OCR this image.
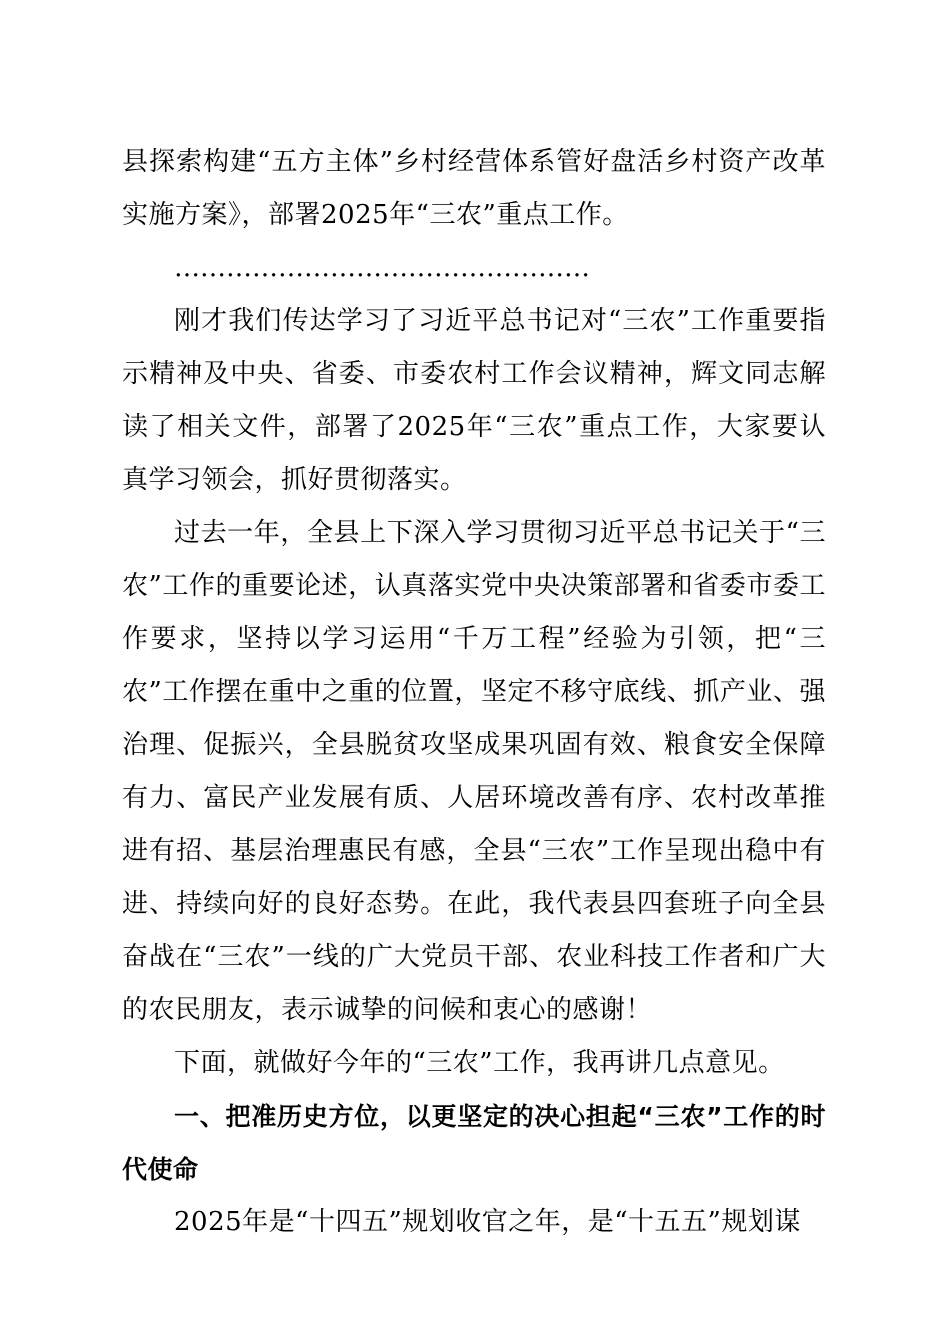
县探索构建“五方主体”乡村经营体系管好盘活乡村资产改革实施方案》，部署2025年“三农”重点工作。

…………………………………………

刚才我们传达学习了习近平总书记对“三农”工作重要指示精神及中央、省委、市委农村工作会议精神，辉文同志解读了相关文件，部署了2025年“三农”重点工作，大家要认真学习领会，抓好贯彻落实。

过去一年，全县上下深入学习贯彻习近平总书记关于“三农”工作的重要论述，认真落实党中央决策部署和省委市委工作要求，坚持以学习运用“千万工程”经验为引领，把“三农”工作摆在重中之重的位置，坚定不移守底线、抓产业、强治理、促振兴，全县脱贫攻坚成果巩固有效、粮食安全保障有力、富民产业发展有质、人居环境改善有序、农村改革推进有招、基层治理惠民有感，全县“三农”工作呈现出稳中有进、持续向好的良好态势。在此，我代表县四套班子向全县奋战在“三农”一线的广大党员干部、农业科技工作者和广大的农民朋友，表示诚挚的问候和衷心的感谢！

下面，就做好今年的“三农”工作，我再讲几点意见。

一、把准历史方位，以更坚定的决心担起“三农”工作的时代使命

2025年是“十四五”规划收官之年，是“十五五”规划谋
